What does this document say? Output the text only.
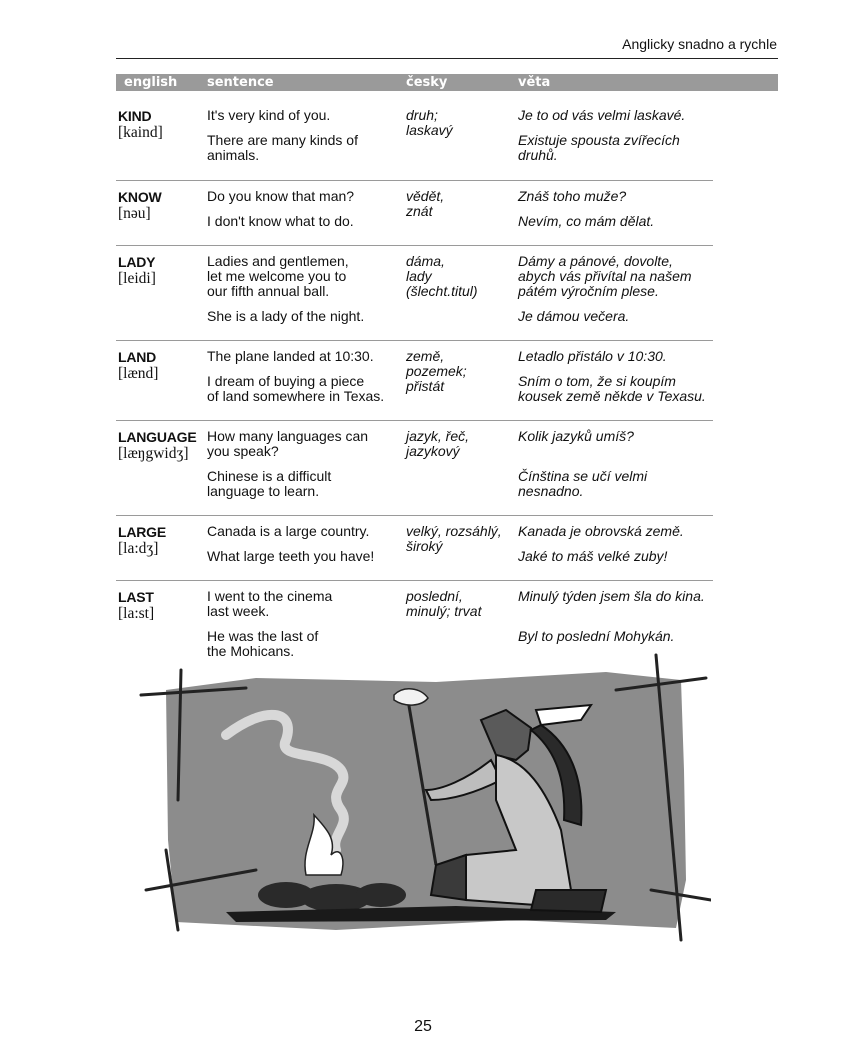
Anglicky snadno a rychle
english sentence	česky	věta
KIND
[kaind]
It's very kind of you.
There are many kinds of
animals.
druh;
laskavý
Je to od vás velmi laskavé.
Existuje spousta zvířecích
druhů.
KNOW
[nəu]
Do you know that man?
I don't know what to do.
vědět,
znát
Znáš toho muže?
Nevím, co mám dělat.
LADY
[leidi]
Ladies and gentlemen,
let me welcome you to
our fifth annual ball.
She is a lady of the night.
dáma,
lady
(šlecht.titul)
Dámy a pánové, dovolte,
abych vás přivítal na našem
pátém výročním plese.
Je dámou večera.
LAND
[lænd]
The plane landed at 10:30.
I dream of buying a piece
of land somewhere in Texas.
země,
pozemek;
přistát
Letadlo přistálo v 10:30.
Sním o tom, že si koupím
kousek země někde v Texasu.
LANGUAGE
[læŋgwidʒ]
How many languages can
you speak?
Chinese is a difficult
language to learn.
jazyk, řeč,
jazykový
Kolik jazyků umíš?
Čínština se učí velmi
nesnadno.
LARGE
[la:dʒ]
Canada is a large country.
What large teeth you have!
velký, rozsáhlý,
široký
Kanada je obrovská země.
Jaké to máš velké zuby!
LAST
[la:st]
I went to the cinema
last week.
He was the last of
the Mohicans.
poslední,
minulý; trvat
Minulý týden jsem šla do kina.
Byl to poslední Mohykán.
25
